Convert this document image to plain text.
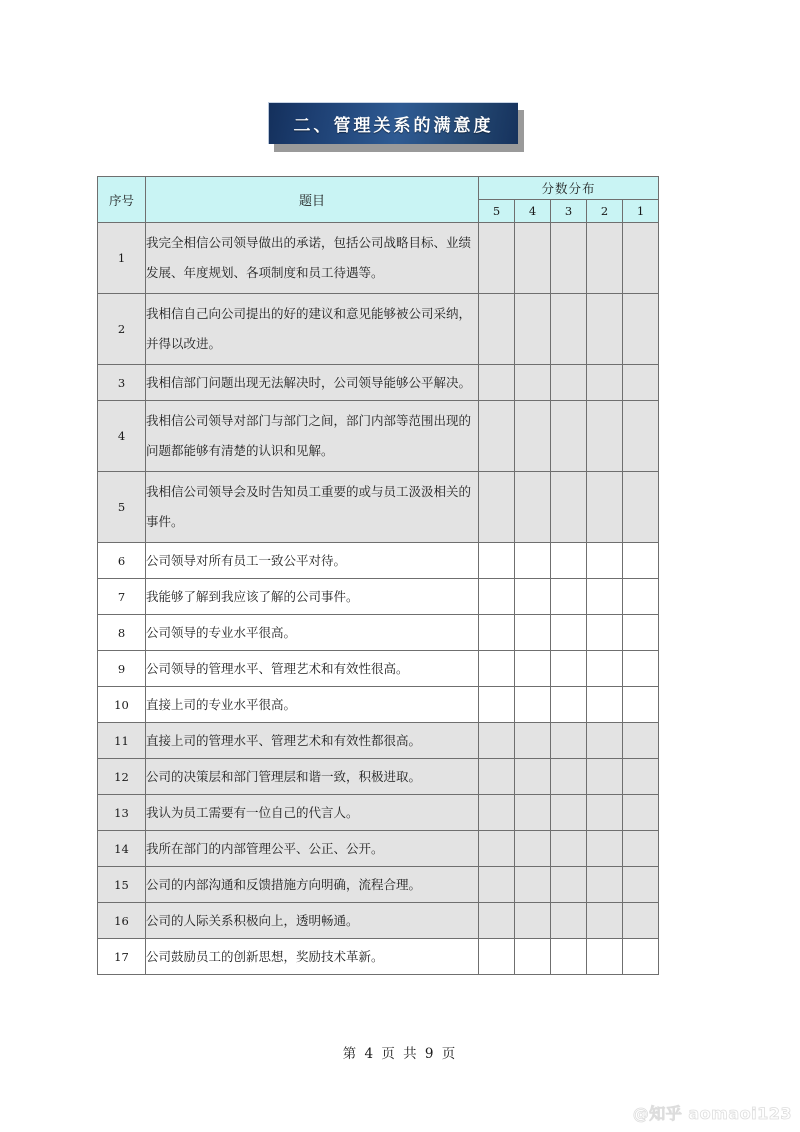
二、管理关系的满意度
序号	题目	分数分布				
		5	4	3	2	1
1	我完全相信公司领导做出的承诺，包括公司战略目标、业绩发展、年度规划、各项制度和员工待遇等。					
2	我相信自己向公司提出的好的建议和意见能够被公司采纳，并得以改进。					
3	我相信部门问题出现无法解决时，公司领导能够公平解决。					
4	我相信公司领导对部门与部门之间，部门内部等范围出现的问题都能够有清楚的认识和见解。					
5	我相信公司领导会及时告知员工重要的或与员工汲汲相关的事件。					
6	公司领导对所有员工一致公平对待。					
7	我能够了解到我应该了解的公司事件。					
8	公司领导的专业水平很高。					
9	公司领导的管理水平、管理艺术和有效性很高。					
10	直接上司的专业水平很高。					
11	直接上司的管理水平、管理艺术和有效性都很高。					
12	公司的决策层和部门管理层和谐一致，积极进取。					
13	我认为员工需要有一位自己的代言人。					
14	我所在部门的内部管理公平、公正、公开。					
15	公司的内部沟通和反馈措施方向明确，流程合理。					
16	公司的人际关系积极向上，透明畅通。					
17	公司鼓励员工的创新思想，奖励技术革新。					
第 4 页 共 9 页
@知乎 aomaoi123
